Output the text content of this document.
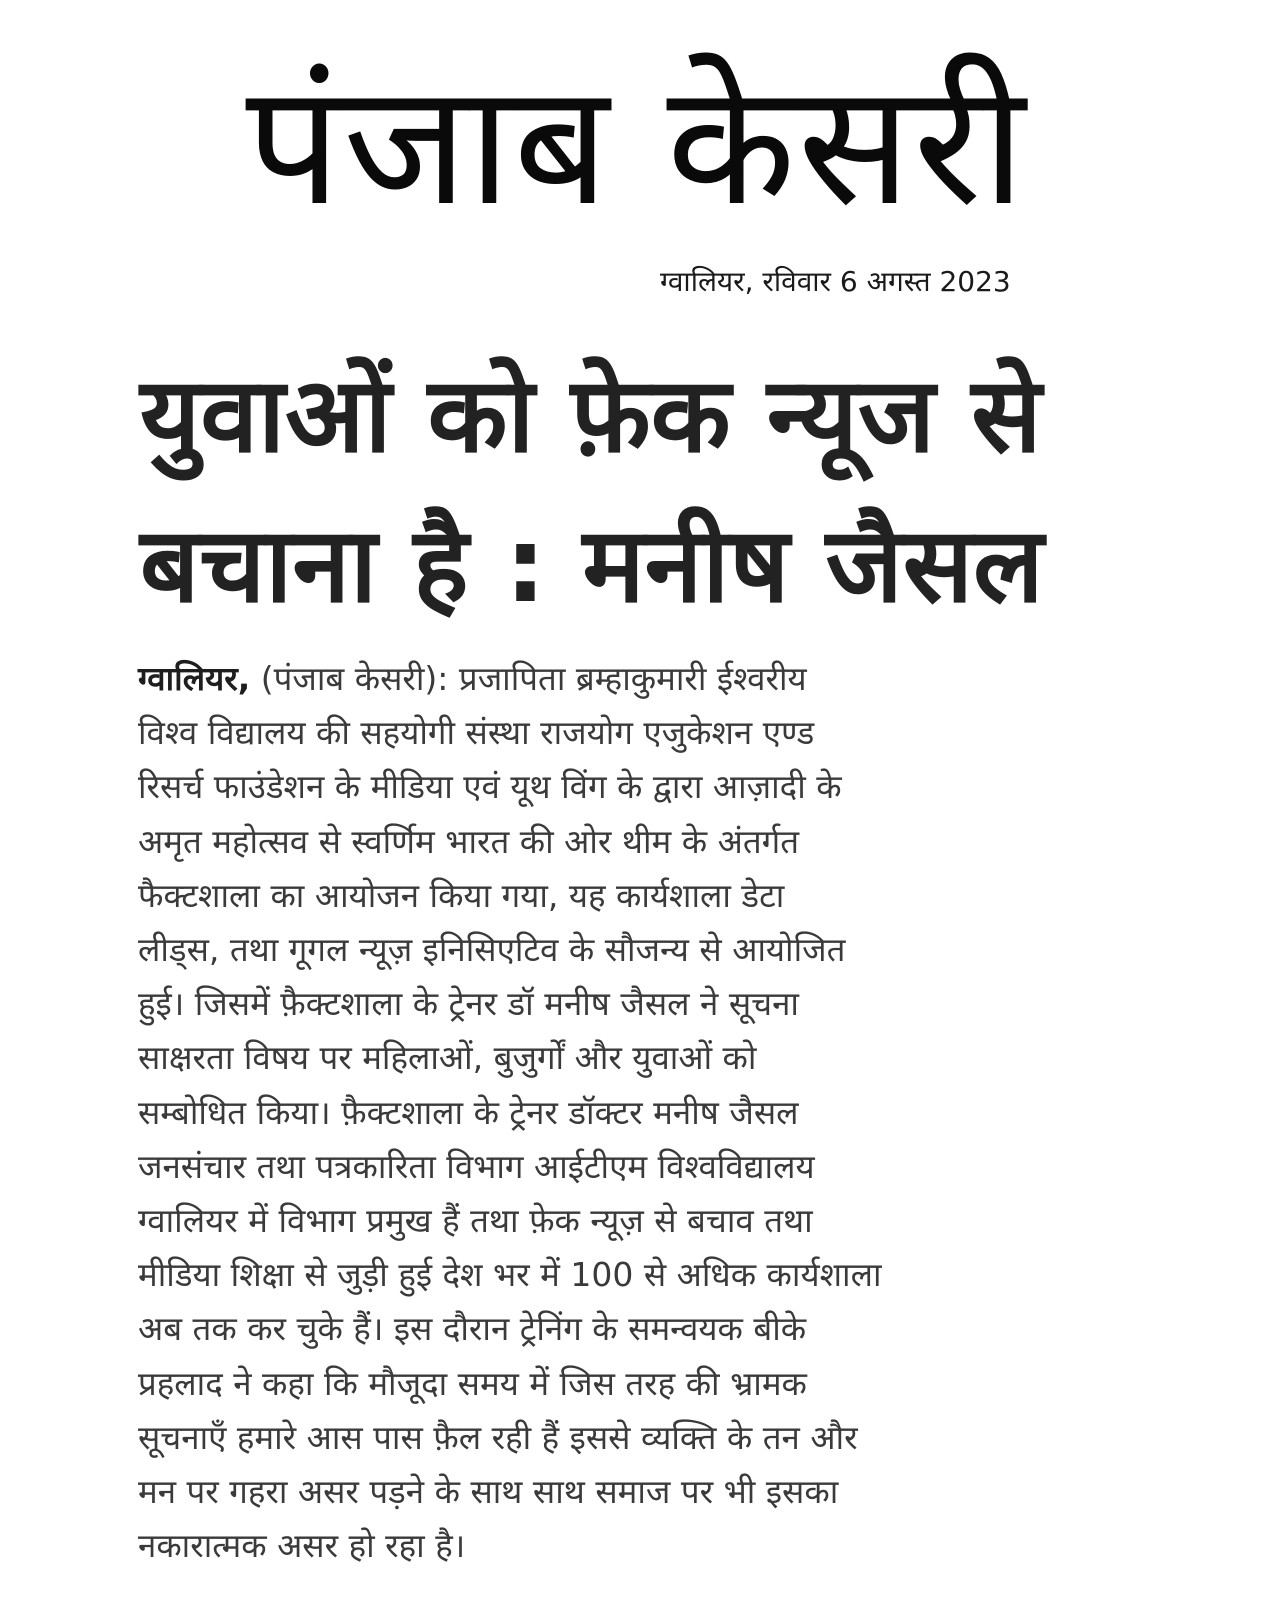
पंजाब केसरी
ग्वालियर, रविवार 6 अगस्त 2023
युवाओं को फ़ेक न्यूज से
बचाना है : मनीष जैसल
ग्वालियर, (पंजाब केसरी): प्रजापिता ब्रम्हाकुमारी ईश्वरीय
विश्व विद्यालय की सहयोगी संस्था राजयोग एजुकेशन एण्ड
रिसर्च फाउंडेशन के मीडिया एवं यूथ विंग के द्वारा आज़ादी के
अमृत महोत्सव से स्वर्णिम भारत की ओर थीम के अंतर्गत
फैक्टशाला का आयोजन किया गया, यह कार्यशाला डेटा
लीड्स, तथा गूगल न्यूज़ इनिसिएटिव के सौजन्य से आयोजित
हुई। जिसमें फ़ैक्टशाला के ट्रेनर डॉ मनीष जैसल ने सूचना
साक्षरता विषय पर महिलाओं, बुजुर्गों और युवाओं को
सम्बोधित किया। फ़ैक्टशाला के ट्रेनर डॉक्टर मनीष जैसल
जनसंचार तथा पत्रकारिता विभाग आईटीएम विश्वविद्यालय
ग्वालियर में विभाग प्रमुख हैं तथा फ़ेक न्यूज़ से बचाव तथा
मीडिया शिक्षा से जुड़ी हुई देश भर में 100 से अधिक कार्यशाला
अब तक कर चुके हैं। इस दौरान ट्रेनिंग के समन्वयक बीके
प्रहलाद ने कहा कि मौजूदा समय में जिस तरह की भ्रामक
सूचनाएँ हमारे आस पास फ़ैल रही हैं इससे व्यक्ति के तन और
मन पर गहरा असर पड़ने के साथ साथ समाज पर भी इसका
नकारात्मक असर हो रहा है।
